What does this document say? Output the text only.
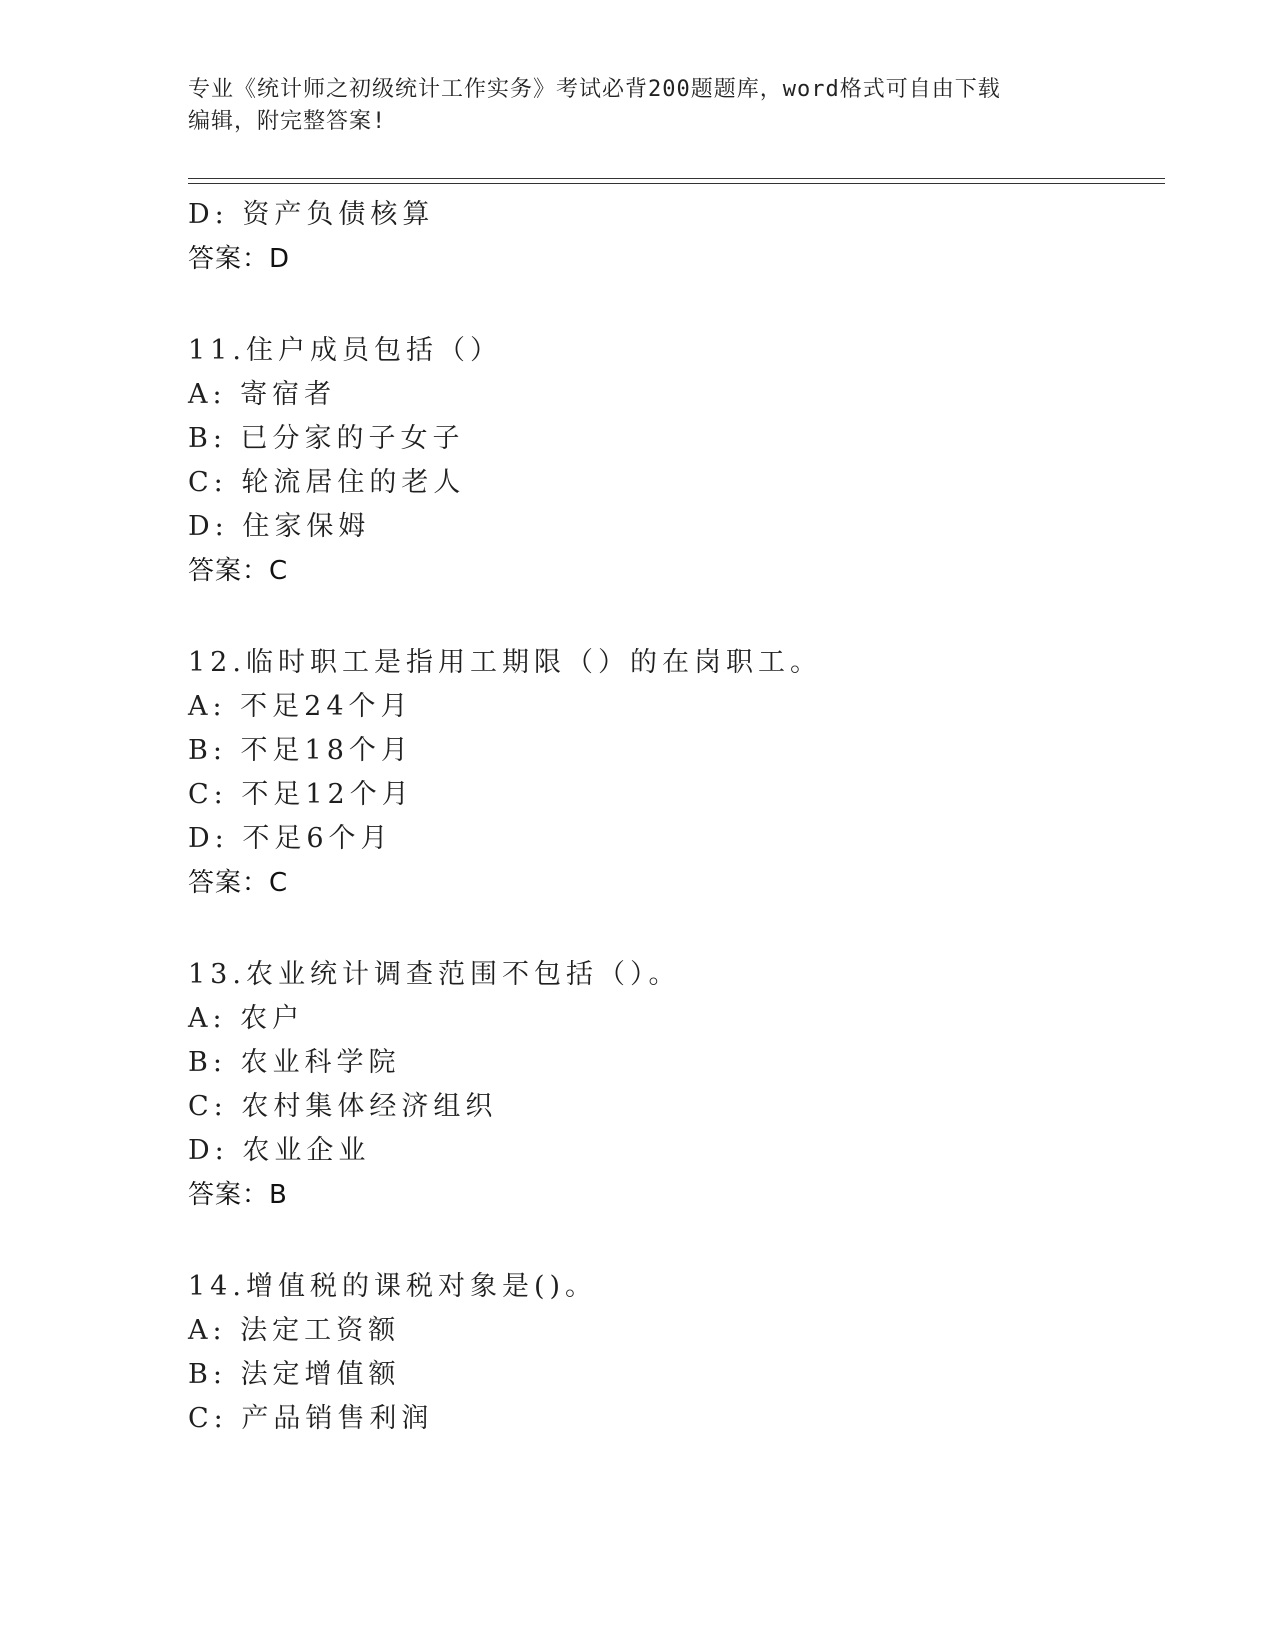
专业《统计师之初级统计工作实务》考试必背200题题库，word格式可自由下载
编辑，附完整答案!
D: 资产负债核算
答案：D
11.住户成员包括（）
A: 寄宿者
B: 已分家的子女子
C: 轮流居住的老人
D: 住家保姆
答案：C
12.临时职工是指用工期限（）的在岗职工。
A: 不足24个月
B: 不足18个月
C: 不足12个月
D: 不足6个月
答案：C
13.农业统计调查范围不包括（）。
A: 农户
B: 农业科学院
C: 农村集体经济组织
D: 农业企业
答案：B
14.增值税的课税对象是()。
A: 法定工资额
B: 法定增值额
C: 产品销售利润
